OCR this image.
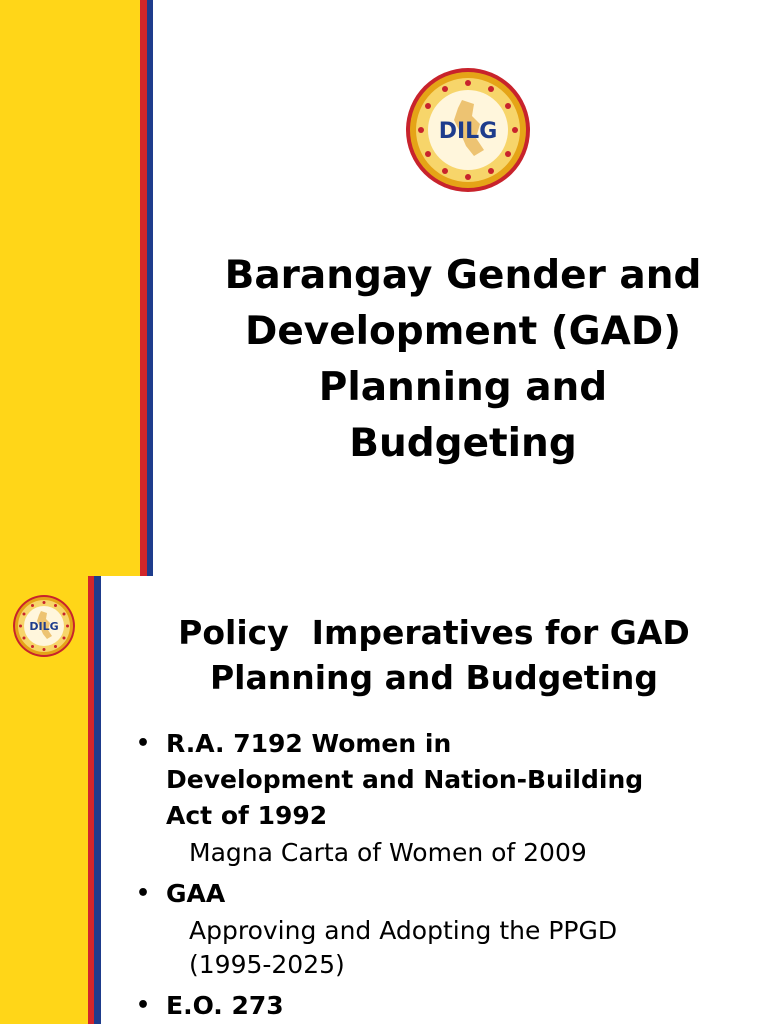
DILG
Barangay Gender and
Development (GAD)
Planning and
Budgeting
DILG	Policy  Imperatives for GAD
Planning and Budgeting
• R.A. 7192 Women in
Development and Nation-Building
Act of 1992
Magna Carta of Women of 2009
• GAA
Approving and Adopting the PPGD
(1995-2025)
• E.O. 273
